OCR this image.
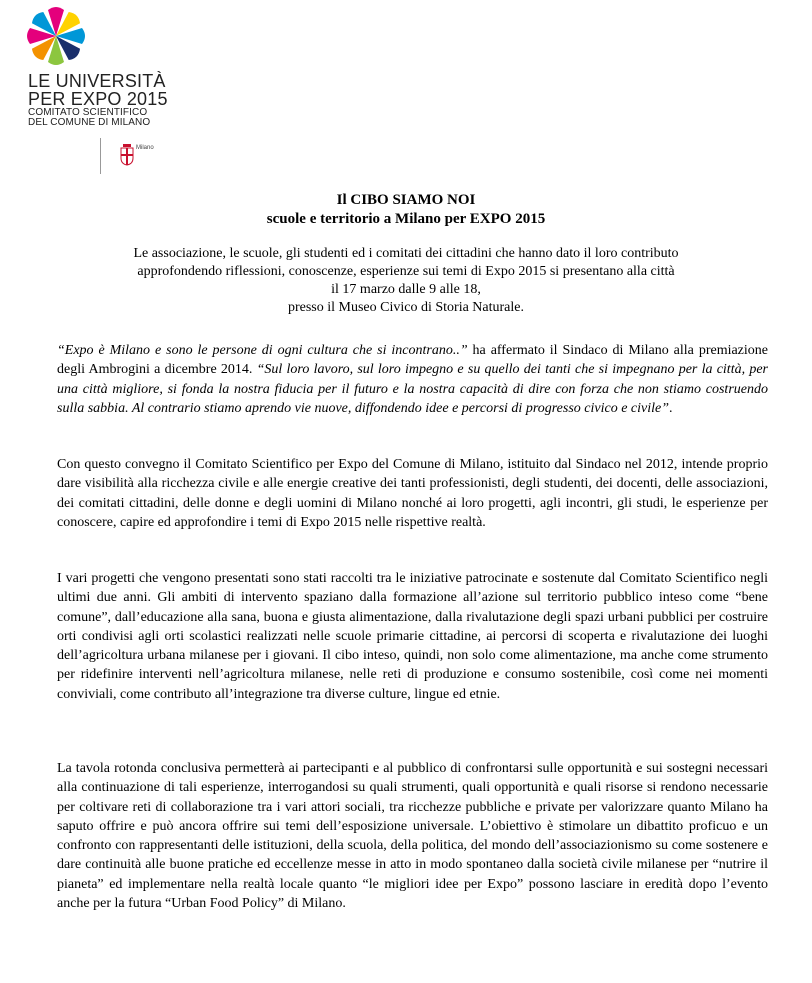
LE UNIVERSITÀ
PER EXPO 2015
COMITATO SCIENTIFICO
DEL COMUNE DI MILANO
Milano
Il CIBO SIAMO NOI
scuole e territorio a Milano per EXPO 2015
Le associazione, le scuole, gli studenti ed i comitati dei cittadini che hanno dato il loro contributo
approfondendo riflessioni, conoscenze, esperienze sui temi di Expo 2015 si presentano alla città
il 17 marzo dalle 9 alle 18,
presso il Museo Civico di Storia Naturale.
“Expo è Milano e sono le persone di ogni cultura che si incontrano..” ha affermato il Sindaco di Milano alla premiazione degli Ambrogini a dicembre 2014. “Sul loro lavoro, sul loro impegno e su quello dei tanti che si impegnano per la città, per una città migliore, si fonda la nostra fiducia per il futuro e la nostra capacità di dire con forza che non stiamo costruendo sulla sabbia. Al contrario stiamo aprendo vie nuove, diffondendo idee e percorsi di progresso civico e civile”.
Con questo convegno il Comitato Scientifico per Expo del Comune di Milano, istituito dal Sindaco nel 2012, intende proprio dare visibilità alla ricchezza civile e alle energie creative dei tanti professionisti, degli studenti, dei docenti, delle associazioni, dei comitati cittadini, delle donne e degli uomini di Milano nonché ai loro progetti, agli incontri, gli studi, le esperienze per conoscere, capire ed approfondire i temi di Expo 2015 nelle rispettive realtà.
I vari progetti che vengono presentati sono stati raccolti tra le iniziative patrocinate e sostenute dal Comitato Scientifico negli ultimi due anni. Gli ambiti di intervento spaziano dalla formazione all’azione sul territorio pubblico inteso come “bene comune”, dall’educazione alla sana, buona e giusta alimentazione, dalla rivalutazione degli spazi urbani pubblici per costruire orti condivisi agli orti scolastici realizzati nelle scuole primarie cittadine, ai percorsi di scoperta e rivalutazione dei luoghi dell’agricoltura urbana milanese per i giovani. Il cibo inteso, quindi, non solo come alimentazione, ma anche come strumento per ridefinire interventi nell’agricoltura milanese, nelle reti di produzione e consumo sostenibile, così come nei momenti conviviali, come contributo all’integrazione tra diverse culture, lingue ed etnie.
La tavola rotonda conclusiva permetterà ai partecipanti e al pubblico di confrontarsi sulle opportunità e sui sostegni necessari alla continuazione di tali esperienze, interrogandosi su quali strumenti, quali opportunità e quali risorse si rendono necessarie per coltivare reti di collaborazione tra i vari attori sociali, tra ricchezze pubbliche e private per valorizzare quanto Milano ha saputo offrire e può ancora offrire sui temi dell’esposizione universale. L’obiettivo è stimolare un dibattito proficuo e un confronto con rappresentanti delle istituzioni, della scuola, della politica, del mondo dell’associazionismo su come sostenere e dare continuità alle buone pratiche ed eccellenze messe in atto in modo spontaneo dalla società civile milanese per “nutrire il pianeta” ed implementare nella realtà locale quanto “le migliori idee per Expo” possono lasciare in eredità dopo l’evento anche per la futura “Urban Food Policy” di Milano.
